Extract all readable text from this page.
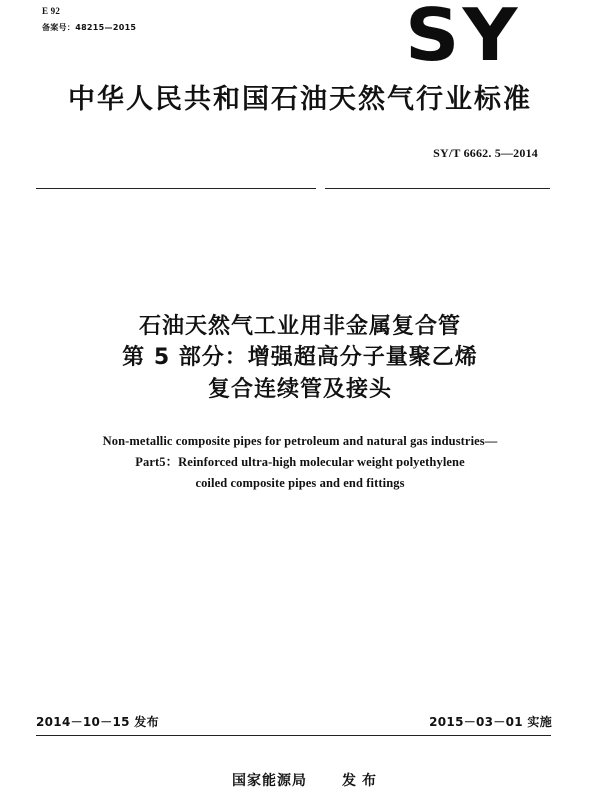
E 92
备案号：48215—2015	SY
中华人民共和国石油天然气行业标准
SY/T 6662. 5—2014
石油天然气工业用非金属复合管
第 5 部分：增强超高分子量聚乙烯
复合连续管及接头
Non-metallic composite pipes for petroleum and natural gas industries—
Part5：Reinforced ultra-high molecular weight polyethylene
coiled composite pipes and end fittings
2014－10－15 发布	2015－03－01 实施
国家能源局	发布
